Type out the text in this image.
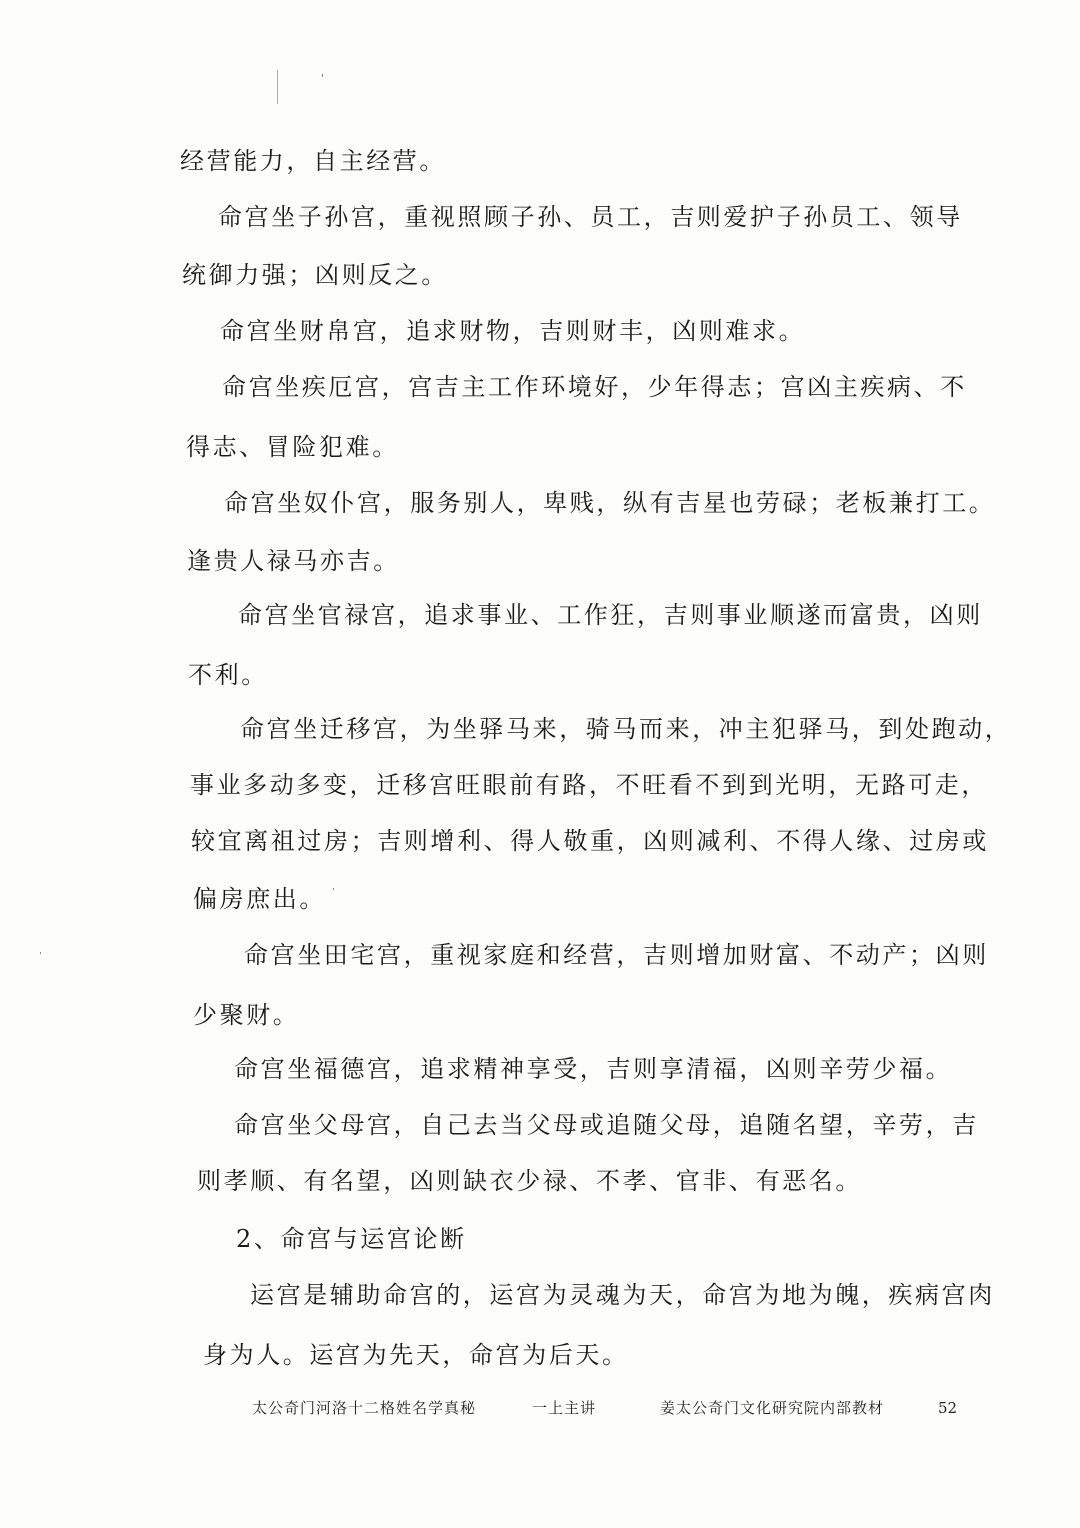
经营能力，自主经营。
命宫坐子孙宫，重视照顾子孙、员工，吉则爱护子孙员工、领导
统御力强；凶则反之。
命宫坐财帛宫，追求财物，吉则财丰，凶则难求。
命宫坐疾厄宫，宫吉主工作环境好，少年得志；宫凶主疾病、不
得志、冒险犯难。
命宫坐奴仆宫，服务别人，卑贱，纵有吉星也劳碌；老板兼打工。
逢贵人禄马亦吉。
命宫坐官禄宫，追求事业、工作狂，吉则事业顺遂而富贵，凶则
不利。
命宫坐迁移宫，为坐驿马来，骑马而来，冲主犯驿马，到处跑动，
事业多动多变，迁移宫旺眼前有路，不旺看不到到光明，无路可走，
较宜离祖过房；吉则增利、得人敬重，凶则减利、不得人缘、过房或
偏房庶出。
命宫坐田宅宫，重视家庭和经营，吉则增加财富、不动产；凶则
少聚财。
命宫坐福德宫，追求精神享受，吉则享清福，凶则辛劳少福。
命宫坐父母宫，自己去当父母或追随父母，追随名望，辛劳，吉
则孝顺、有名望，凶则缺衣少禄、不孝、官非、有恶名。
2、命宫与运宫论断
运宫是辅助命宫的，运宫为灵魂为天，命宫为地为魄，疾病宫肉
身为人。运宫为先天，命宫为后天。
太公奇门河洛十二格姓名学真秘	一上主讲	姜太公奇门文化研究院内部教材	52
